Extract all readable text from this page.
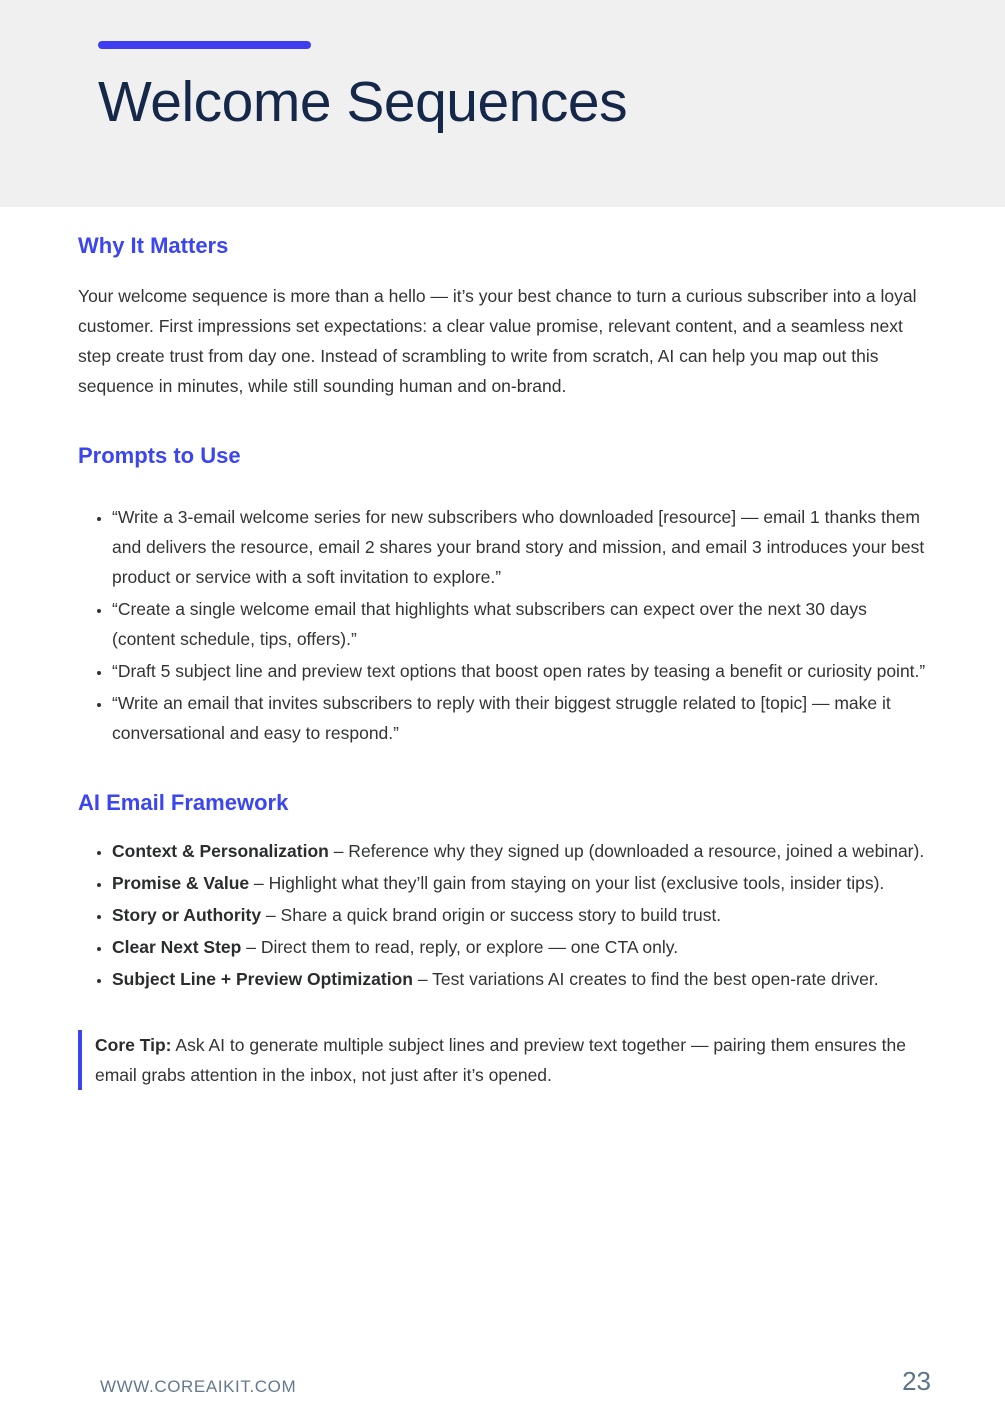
Welcome Sequences
Why It Matters

Your welcome sequence is more than a hello — it’s your best chance to turn a curious subscriber into a loyal customer. First impressions set expectations: a clear value promise, relevant content, and a seamless next step create trust from day one. Instead of scrambling to write from scratch, AI can help you map out this sequence in minutes, while still sounding human and on-brand.

Prompts to Use
• “Write a 3-email welcome series for new subscribers who downloaded [resource] — email 1 thanks them and delivers the resource, email 2 shares your brand story and mission, and email 3 introduces your best product or service with a soft invitation to explore.”
• “Create a single welcome email that highlights what subscribers can expect over the next 30 days (content schedule, tips, offers).”
• “Draft 5 subject line and preview text options that boost open rates by teasing a benefit or curiosity point.”
• “Write an email that invites subscribers to reply with their biggest struggle related to [topic] — make it conversational and easy to respond.”
AI Email Framework
• Context & Personalization – Reference why they signed up (downloaded a resource, joined a webinar).
• Promise & Value – Highlight what they’ll gain from staying on your list (exclusive tools, insider tips).
• Story or Authority – Share a quick brand origin or success story to build trust.
• Clear Next Step – Direct them to read, reply, or explore — one CTA only.
• Subject Line + Preview Optimization – Test variations AI creates to find the best open-rate driver.
Core Tip: Ask AI to generate multiple subject lines and preview text together — pairing them ensures the email grabs attention in the inbox, not just after it’s opened.
WWW.COREAIKIT.COM	23
